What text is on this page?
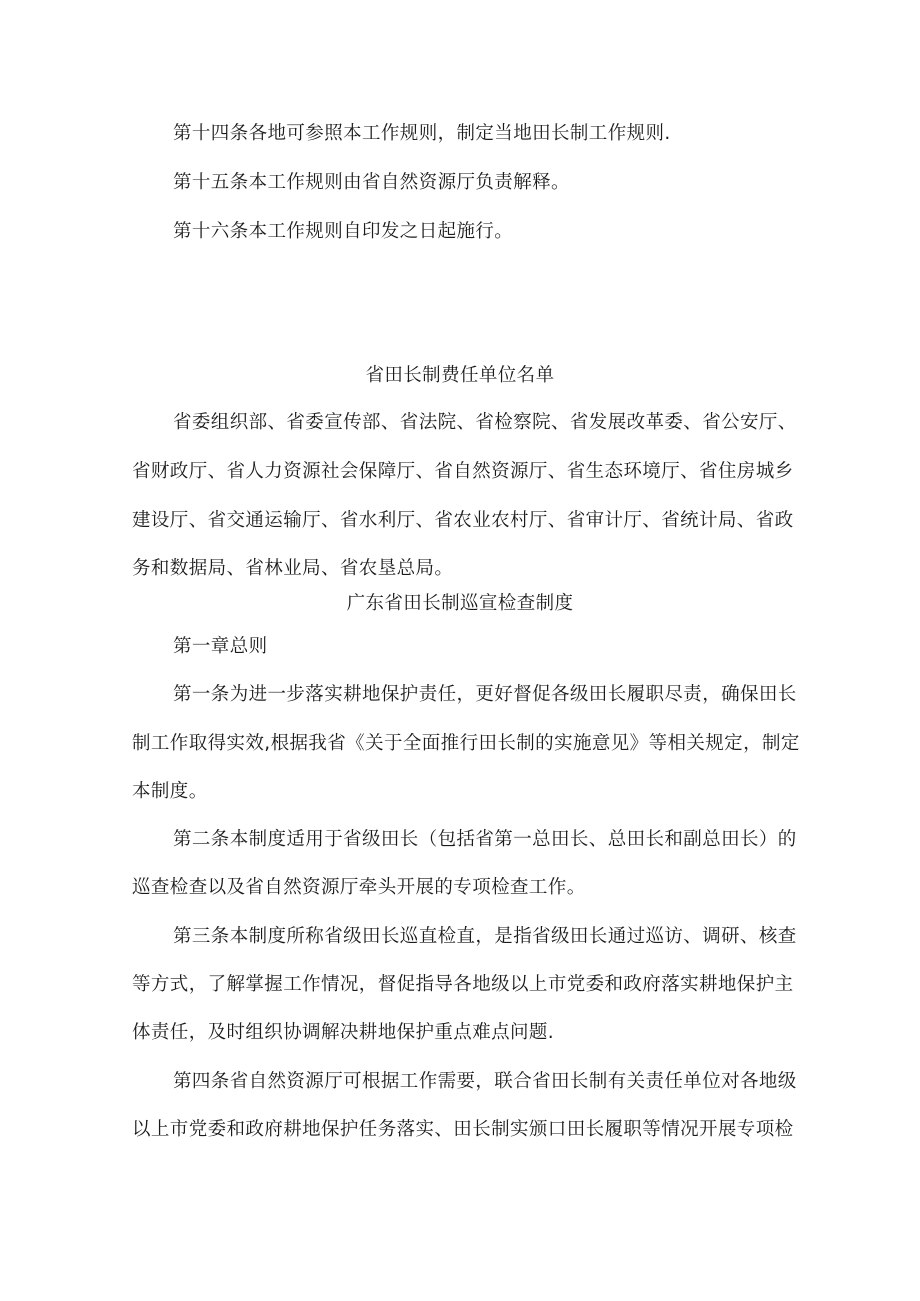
第十四条各地可参照本工作规则，制定当地田长制工作规则.
第十五条本工作规则由省自然资源厅负责解释。
第十六条本工作规则自印发之日起施行。
省田长制费任单位名单
省委组织部、省委宣传部、省法院、省检察院、省发展改革委、省公安厅、
省财政厅、省人力资源社会保障厅、省自然资源厅、省生态环境厅、省住房城乡
建设厅、省交通运输厅、省水利厅、省农业农村厅、省审计厅、省统计局、省政
务和数据局、省林业局、省农垦总局。
广东省田长制巡宣检查制度
第一章总则
第一条为进一步落实耕地保护责任，更好督促各级田长履职尽责，确保田长
制工作取得实效,根据我省《关于全面推行田长制的实施意见》等相关规定，制定
本制度。
第二条本制度适用于省级田长（包括省第一总田长、总田长和副总田长）的
巡查检查以及省自然资源厅牵头开展的专项检查工作。
第三条本制度所称省级田长巡直检直，是指省级田长通过巡访、调研、核查
等方式，了解掌握工作情况，督促指导各地级以上市党委和政府落实耕地保护主
体责任，及时组织协调解决耕地保护重点难点问题.
第四条省自然资源厅可根据工作需要，联合省田长制有关责任单位对各地级
以上市党委和政府耕地保护任务落实、田长制实颁口田长履职等情况开展专项检
